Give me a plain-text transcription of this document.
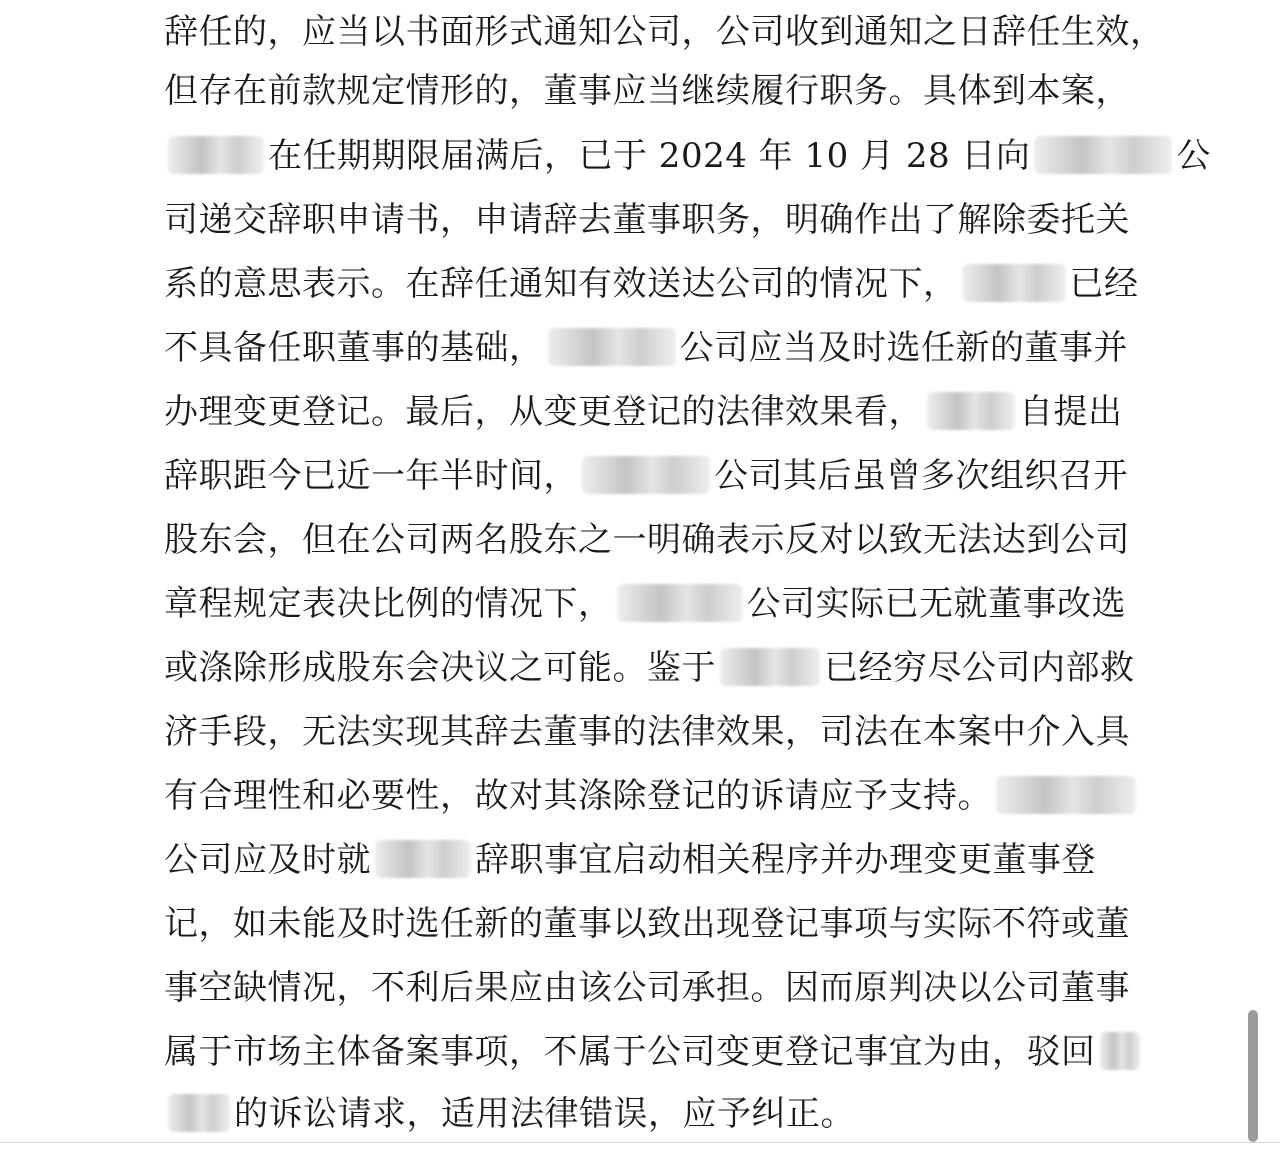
辞任的，应当以书面形式通知公司，公司收到通知之日辞任生效，
但存在前款规定情形的，董事应当继续履行职务。具体到本案，
在任期期限届满后，已于 2024 年 10 月 28 日向	公
司递交辞职申请书，申请辞去董事职务，明确作出了解除委托关
系的意思表示。在辞任通知有效送达公司的情况下，	已经
不具备任职董事的基础，	公司应当及时选任新的董事并
办理变更登记。最后，从变更登记的法律效果看，	自提出
辞职距今已近一年半时间，	公司其后虽曾多次组织召开
股东会，但在公司两名股东之一明确表示反对以致无法达到公司
章程规定表决比例的情况下，	公司实际已无就董事改选
或涤除形成股东会决议之可能。鉴于	已经穷尽公司内部救
济手段，无法实现其辞去董事的法律效果，司法在本案中介入具
有合理性和必要性，故对其涤除登记的诉请应予支持。
公司应及时就	辞职事宜启动相关程序并办理变更董事登
记，如未能及时选任新的董事以致出现登记事项与实际不符或董
事空缺情况，不利后果应由该公司承担。因而原判决以公司董事
属于市场主体备案事项，不属于公司变更登记事宜为由，驳回
的诉讼请求，适用法律错误，应予纠正。
